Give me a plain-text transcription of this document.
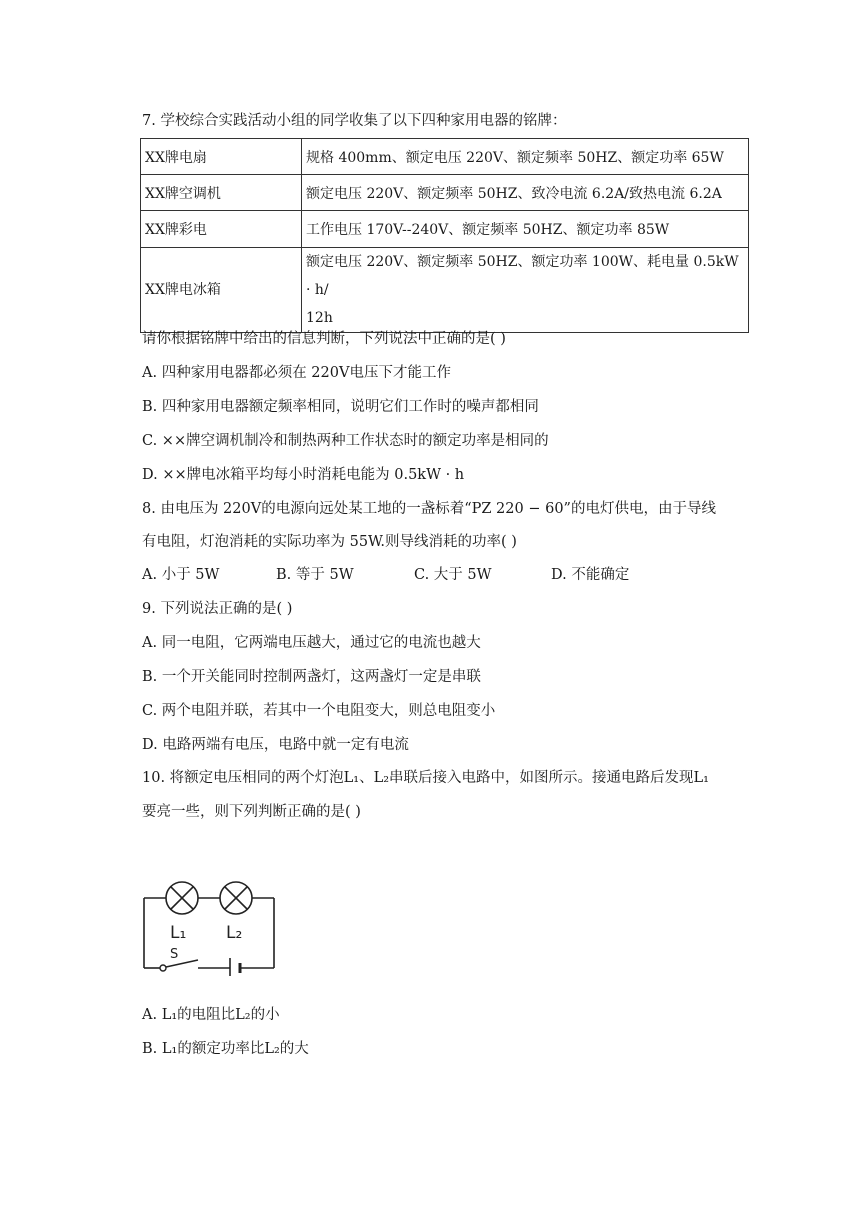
7. 学校综合实践活动小组的同学收集了以下四种家用电器的铭牌：
XX牌电扇	规格 400mm、额定电压 220V、额定频率 50HZ、额定功率 65W
XX牌空调机	额定电压 220V、额定频率 50HZ、致冷电流 6.2A/致热电流 6.2A
XX牌彩电	工作电压 170V--240V、额定频率 50HZ、额定功率 85W
XX牌电冰箱	额定电压 220V、额定频率 50HZ、额定功率 100W、耗电量 0.5kW · h/
12h
请你根据铭牌中给出的信息判断，下列说法中正确的是( )
A. 四种家用电器都必须在 220V电压下才能工作
B. 四种家用电器额定频率相同，说明它们工作时的噪声都相同
C. ××牌空调机制冷和制热两种工作状态时的额定功率是相同的
D. ××牌电冰箱平均每小时消耗电能为 0.5kW · h
8. 由电压为 220V的电源向远处某工地的一盏标着“PZ 220 − 60”的电灯供电，由于导线
有电阻，灯泡消耗的实际功率为 55W.则导线消耗的功率( )
A. 小于 5W	B. 等于 5W	C. 大于 5W	D. 不能确定
9. 下列说法正确的是( )
A. 同一电阻，它两端电压越大，通过它的电流也越大
B. 一个开关能同时控制两盏灯，这两盏灯一定是串联
C. 两个电阻并联，若其中一个电阻变大，则总电阻变小
D. 电路两端有电压，电路中就一定有电流
10. 将额定电压相同的两个灯泡L₁、L₂串联后接入电路中，如图所示。接通电路后发现L₁
要亮一些，则下列判断正确的是( )
L₁ L₂
S
A. L₁的电阻比L₂的小
B. L₁的额定功率比L₂的大
